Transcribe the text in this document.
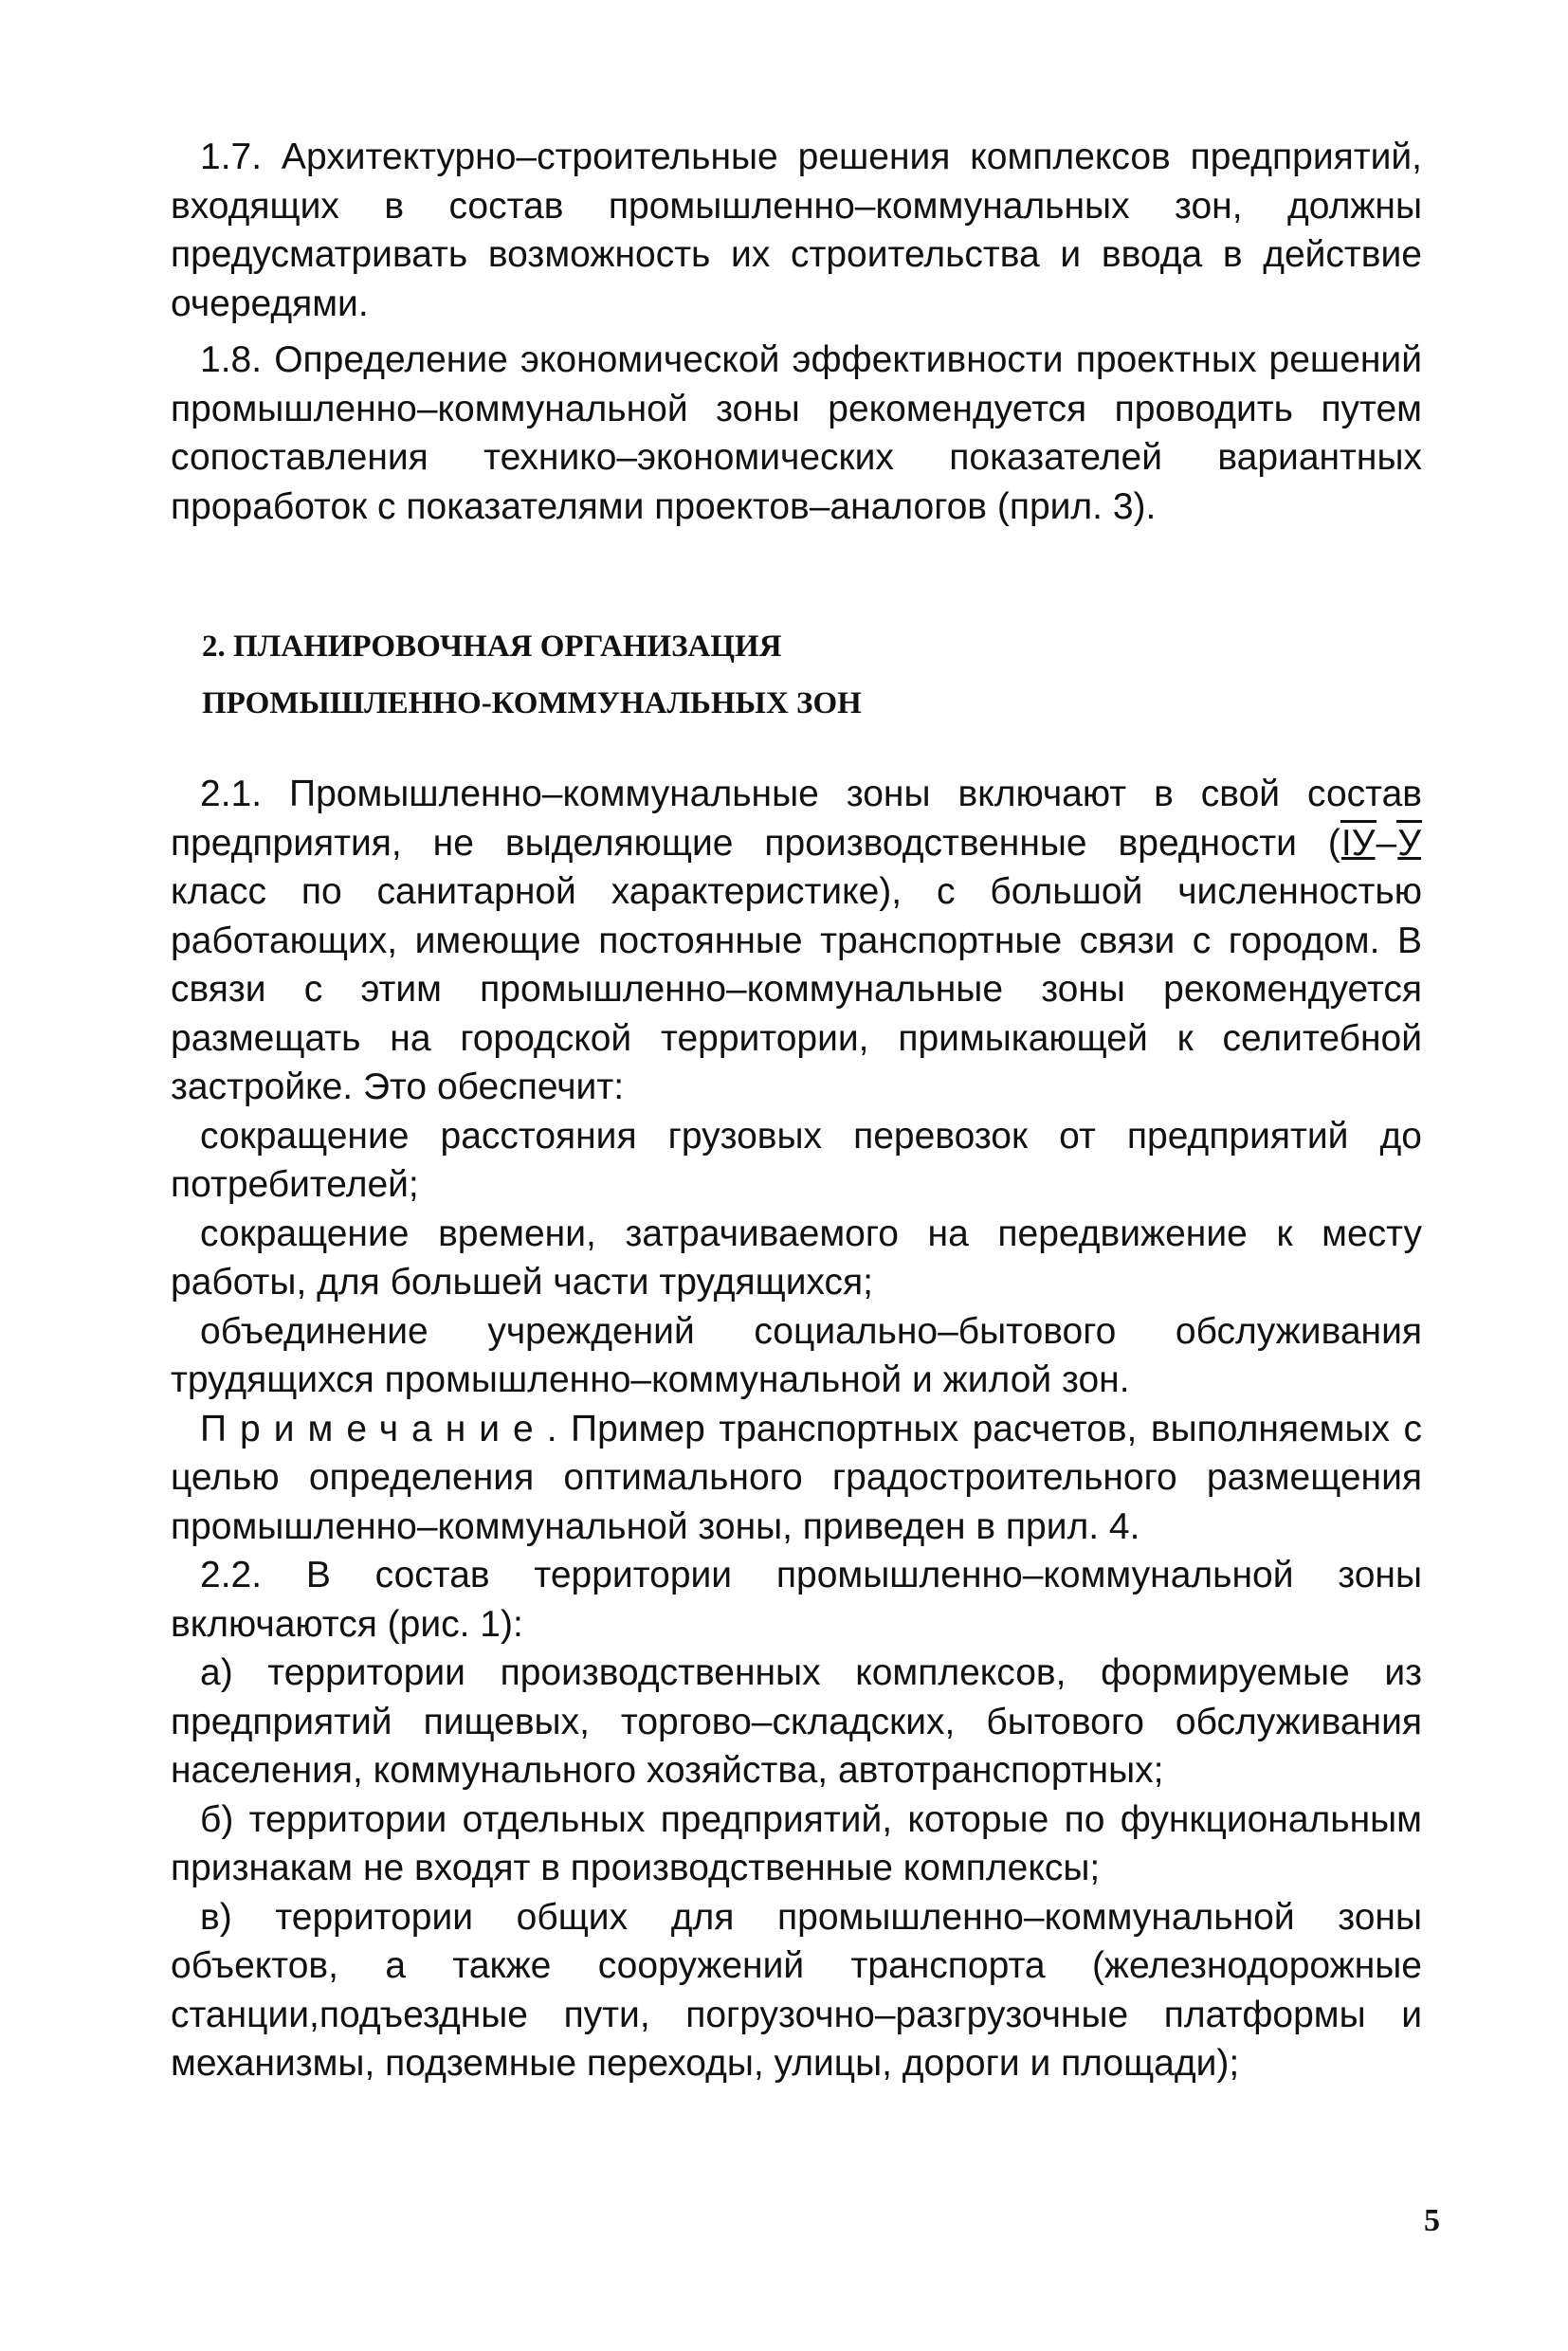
1.7. Архитектурно–строительные решения комплексов предприятий, входящих в состав промышленно–коммунальных зон, должны предусматривать возможность их строительства и ввода в действие очередями.

1.8. Определение экономической эффективности проектных решений промышленно–коммунальной зоны рекомендуется проводить путем сопоставления технико–экономических показателей вариантных проработок с показателями проектов–аналогов (прил. 3).

2. ПЛАНИРОВОЧНАЯ ОРГАНИЗАЦИЯ

ПРОМЫШЛЕННО-КОММУНАЛЬНЫХ ЗОН

2.1. Промышленно–коммунальные зоны включают в свой состав предприятия, не выделяющие производственные вредности (IУ–У класс по санитарной характеристике), с большой численностью работающих, имеющие постоянные транспортные связи с городом. В связи с этим промышленно–коммунальные зоны рекомендуется размещать на городской территории, примыкающей к селитебной застройке. Это обеспечит:

сокращение расстояния грузовых перевозок от предприятий до потребителей;

сокращение времени, затрачиваемого на передвижение к месту работы, для большей части трудящихся;

объединение учреждений социально–бытового обслуживания трудящихся промышленно–коммунальной и жилой зон.

Примечание. Пример транспортных расчетов, выполняемых с целью определения оптимального градостроительного размещения промышленно–коммунальной зоны, приведен в прил. 4.

2.2. В состав территории промышленно–коммунальной зоны включаются (рис. 1):

а) территории производственных комплексов, формируемые из предприятий пищевых, торгово–складских, бытового обслуживания населения, коммунального хозяйства, автотранспортных;

б) территории отдельных предприятий, которые по функциональным признакам не входят в производственные комплексы;

в) территории общих для промышленно–коммунальной зоны объектов, а также сооружений транспорта (железнодорожные станции,подъездные пути, погрузочно–разгрузочные платформы и механизмы, подземные переходы, улицы, дороги и площади);

5
